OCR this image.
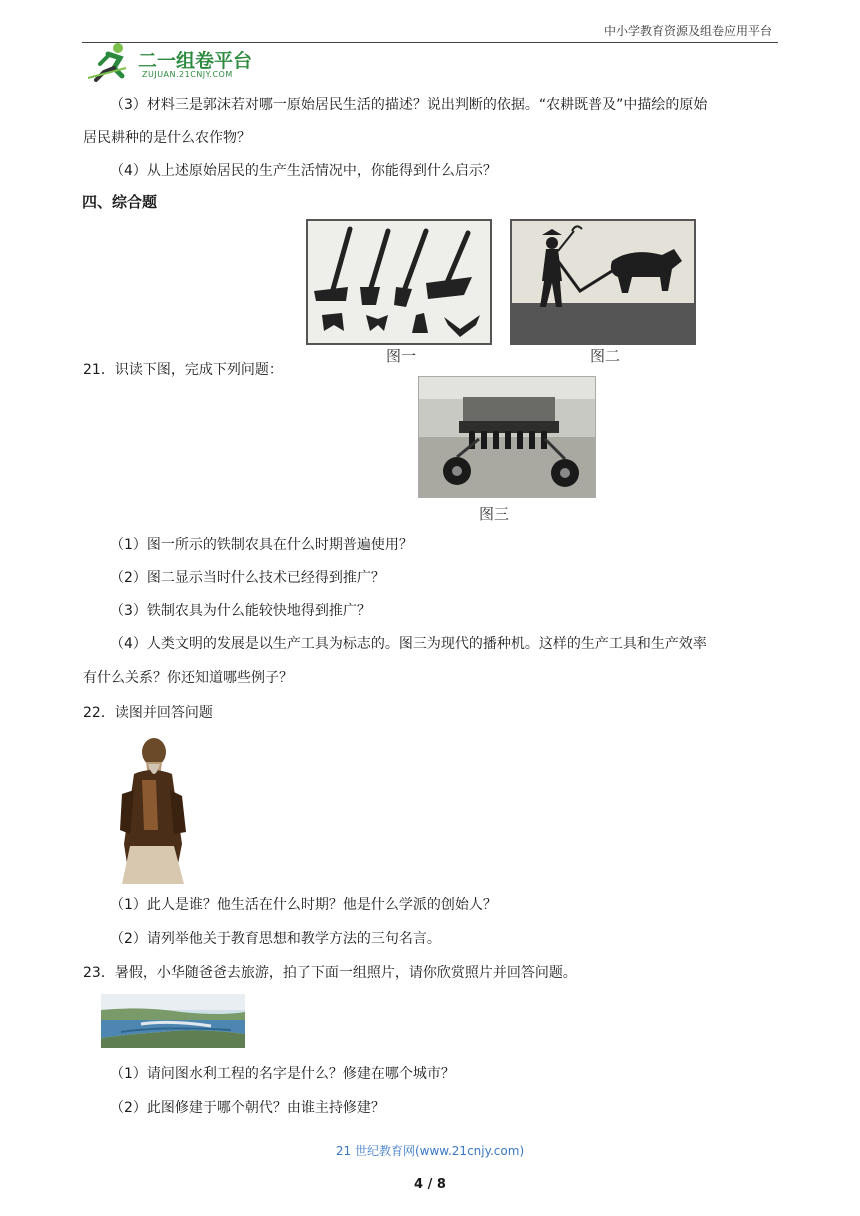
中小学教育资源及组卷应用平台
二一组卷平台
ZUJUAN.21CNJY.COM
（3）材料三是郭沫若对哪一原始居民生活的描述？说出判断的依据。“农耕既普及”中描绘的原始
居民耕种的是什么农作物？
（4）从上述原始居民的生产生活情况中，你能得到什么启示？
四、综合题
图一	图二
21．识读下图，完成下列问题：
图三
（1）图一所示的铁制农具在什么时期普遍使用？
（2）图二显示当时什么技术已经得到推广？
（3）铁制农具为什么能较快地得到推广？
（4）人类文明的发展是以生产工具为标志的。图三为现代的播种机。这样的生产工具和生产效率
有什么关系？你还知道哪些例子？
22．读图并回答问题
（1）此人是谁？他生活在什么时期？他是什么学派的创始人？
（2）请列举他关于教育思想和教学方法的三句名言。
23．暑假，小华随爸爸去旅游，拍了下面一组照片，请你欣赏照片并回答问题。
（1）请问图水利工程的名字是什么？修建在哪个城市？
（2）此图修建于哪个朝代？由谁主持修建？
21 世纪教育网(www.21cnjy.com)
4 / 8
